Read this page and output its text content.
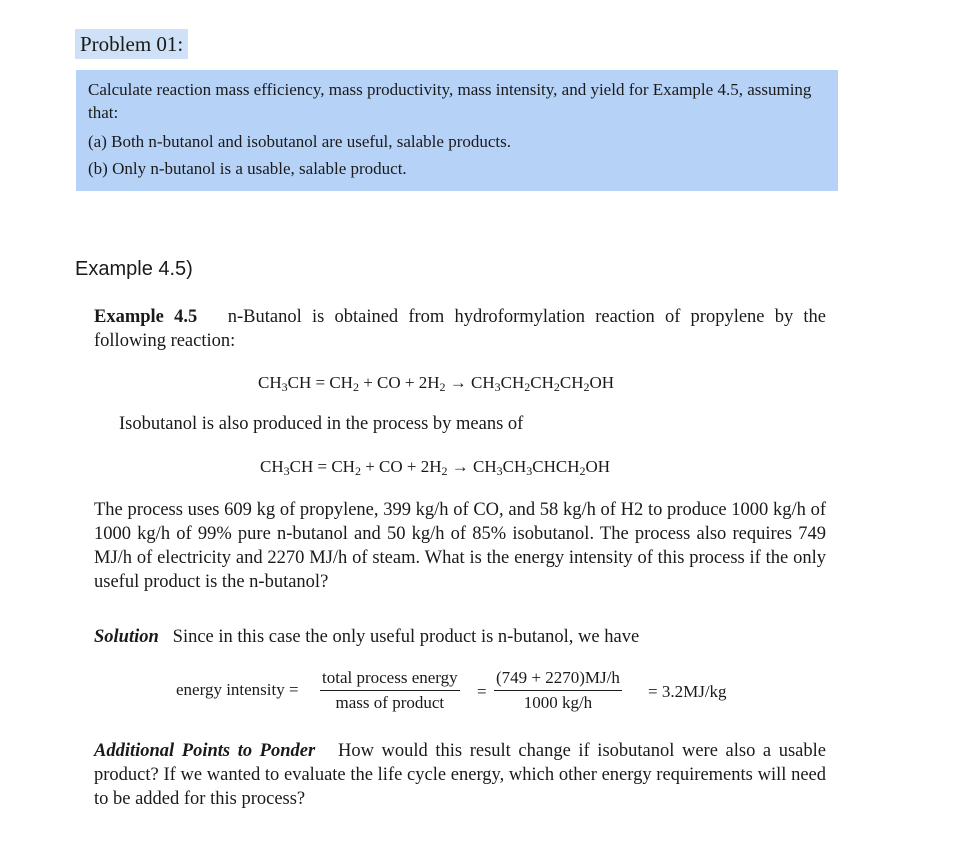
Problem 01:
Calculate reaction mass efficiency, mass productivity, mass intensity, and yield for Example 4.5, assuming that:
(a) Both n-butanol and isobutanol are useful, salable products.
(b) Only n-butanol is a usable, salable product.
Example 4.5)
Example 4.5 n-Butanol is obtained from hydroformylation reaction of propylene by the following reaction:
$CH_3CH = CH_2$ + CO + $2H_2 \to CH_3CH_2CH_2CH_2OH$
Isobutanol is also produced in the process by means of
$CH_3CH = CH_2$ + CO + $2H_2$ → $CH_3CH_3CHCH_2OH$
The process uses 609 kg of propylene, 399 kg/h of CO, and 58 kg/h of H2 to produce 1000 kg/h of 1000 kg/h of 99% pure n-butanol and 50 kg/h of 85% isobutanol. The process also requires 749 MJ/h of electricity and 2270 MJ/h of steam. What is the energy intensity of this process if the only useful product is the n-butanol?
Solution Since in this case the only useful product is n-butanol, we have
energy intensity =
total process energy
mass of product
= $\frac{(749 + 2270)MJ/h}{1000 kg/h} = 3.2MJ/kg$
Additional Points to Ponder How would this result change if isobutanol were also a usable product? If we wanted to evaluate the life cycle energy, which other energy requirements will need to be added for this process?
